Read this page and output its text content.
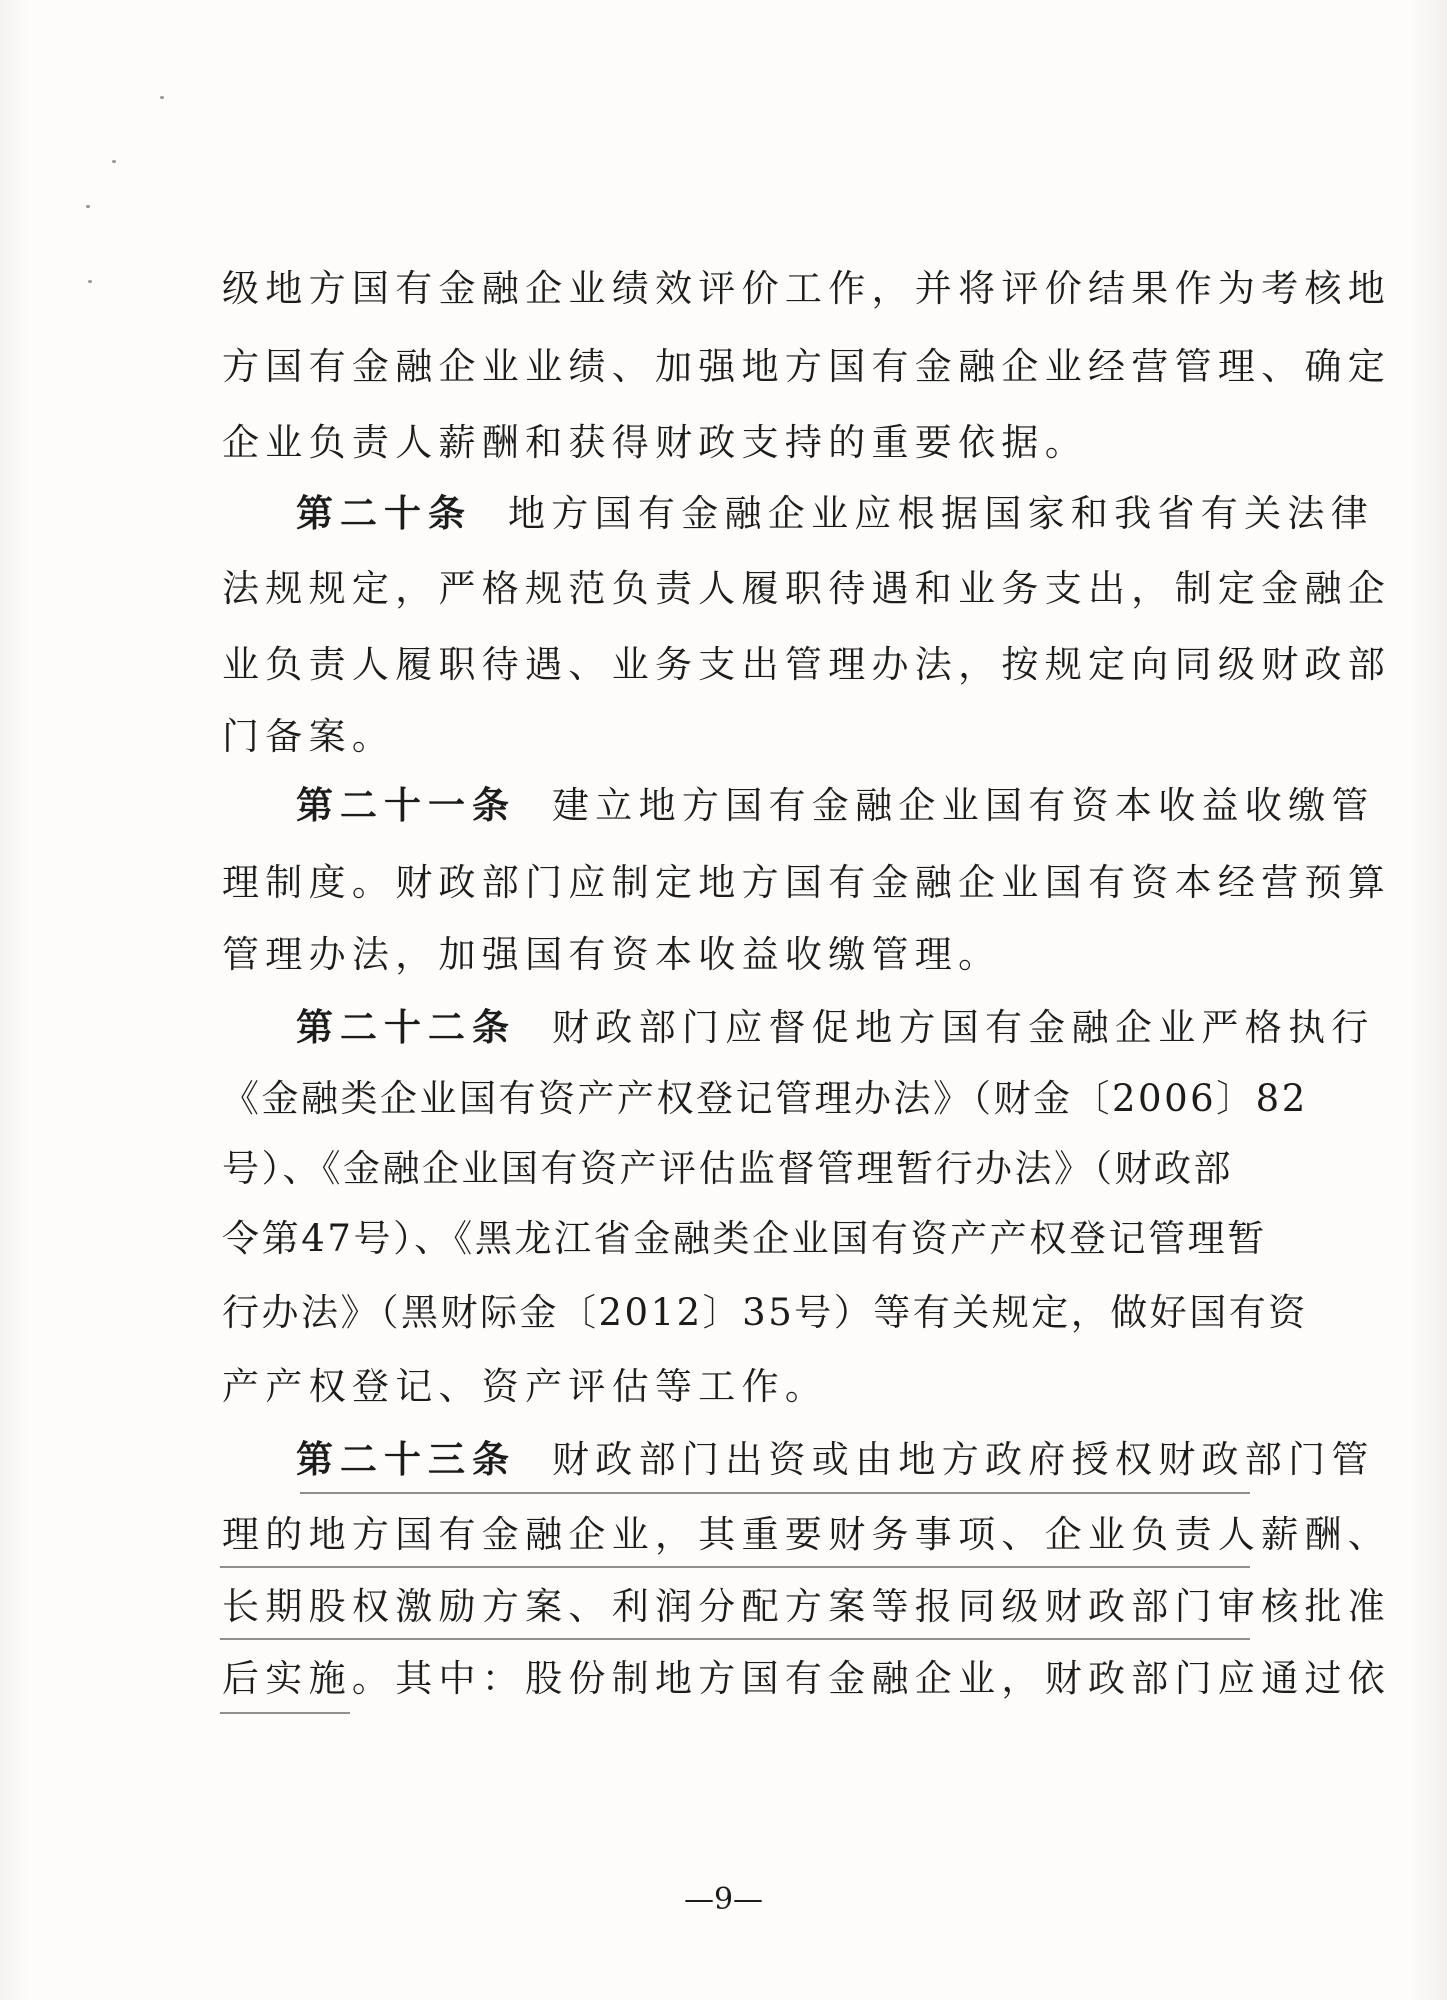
级地方国有金融企业绩效评价工作，并将评价结果作为考核地
方国有金融企业业绩、加强地方国有金融企业经营管理、确定
企业负责人薪酬和获得财政支持的重要依据。
第二十条 地方国有金融企业应根据国家和我省有关法律
法规规定，严格规范负责人履职待遇和业务支出，制定金融企
业负责人履职待遇、业务支出管理办法，按规定向同级财政部
门备案。
第二十一条 建立地方国有金融企业国有资本收益收缴管
理制度。财政部门应制定地方国有金融企业国有资本经营预算
管理办法，加强国有资本收益收缴管理。
第二十二条 财政部门应督促地方国有金融企业严格执行
《金融类企业国有资产产权登记管理办法》（财金〔2006〕82
号）、《金融企业国有资产评估监督管理暂行办法》（财政部
令第47号）、《黑龙江省金融类企业国有资产产权登记管理暂
行办法》（黑财际金〔2012〕35号）等有关规定，做好国有资
产产权登记、资产评估等工作。
第二十三条 财政部门出资或由地方政府授权财政部门管
理的地方国有金融企业，其重要财务事项、企业负责人薪酬、
长期股权激励方案、利润分配方案等报同级财政部门审核批准
后实施。其中：股份制地方国有金融企业，财政部门应通过依
—9—
